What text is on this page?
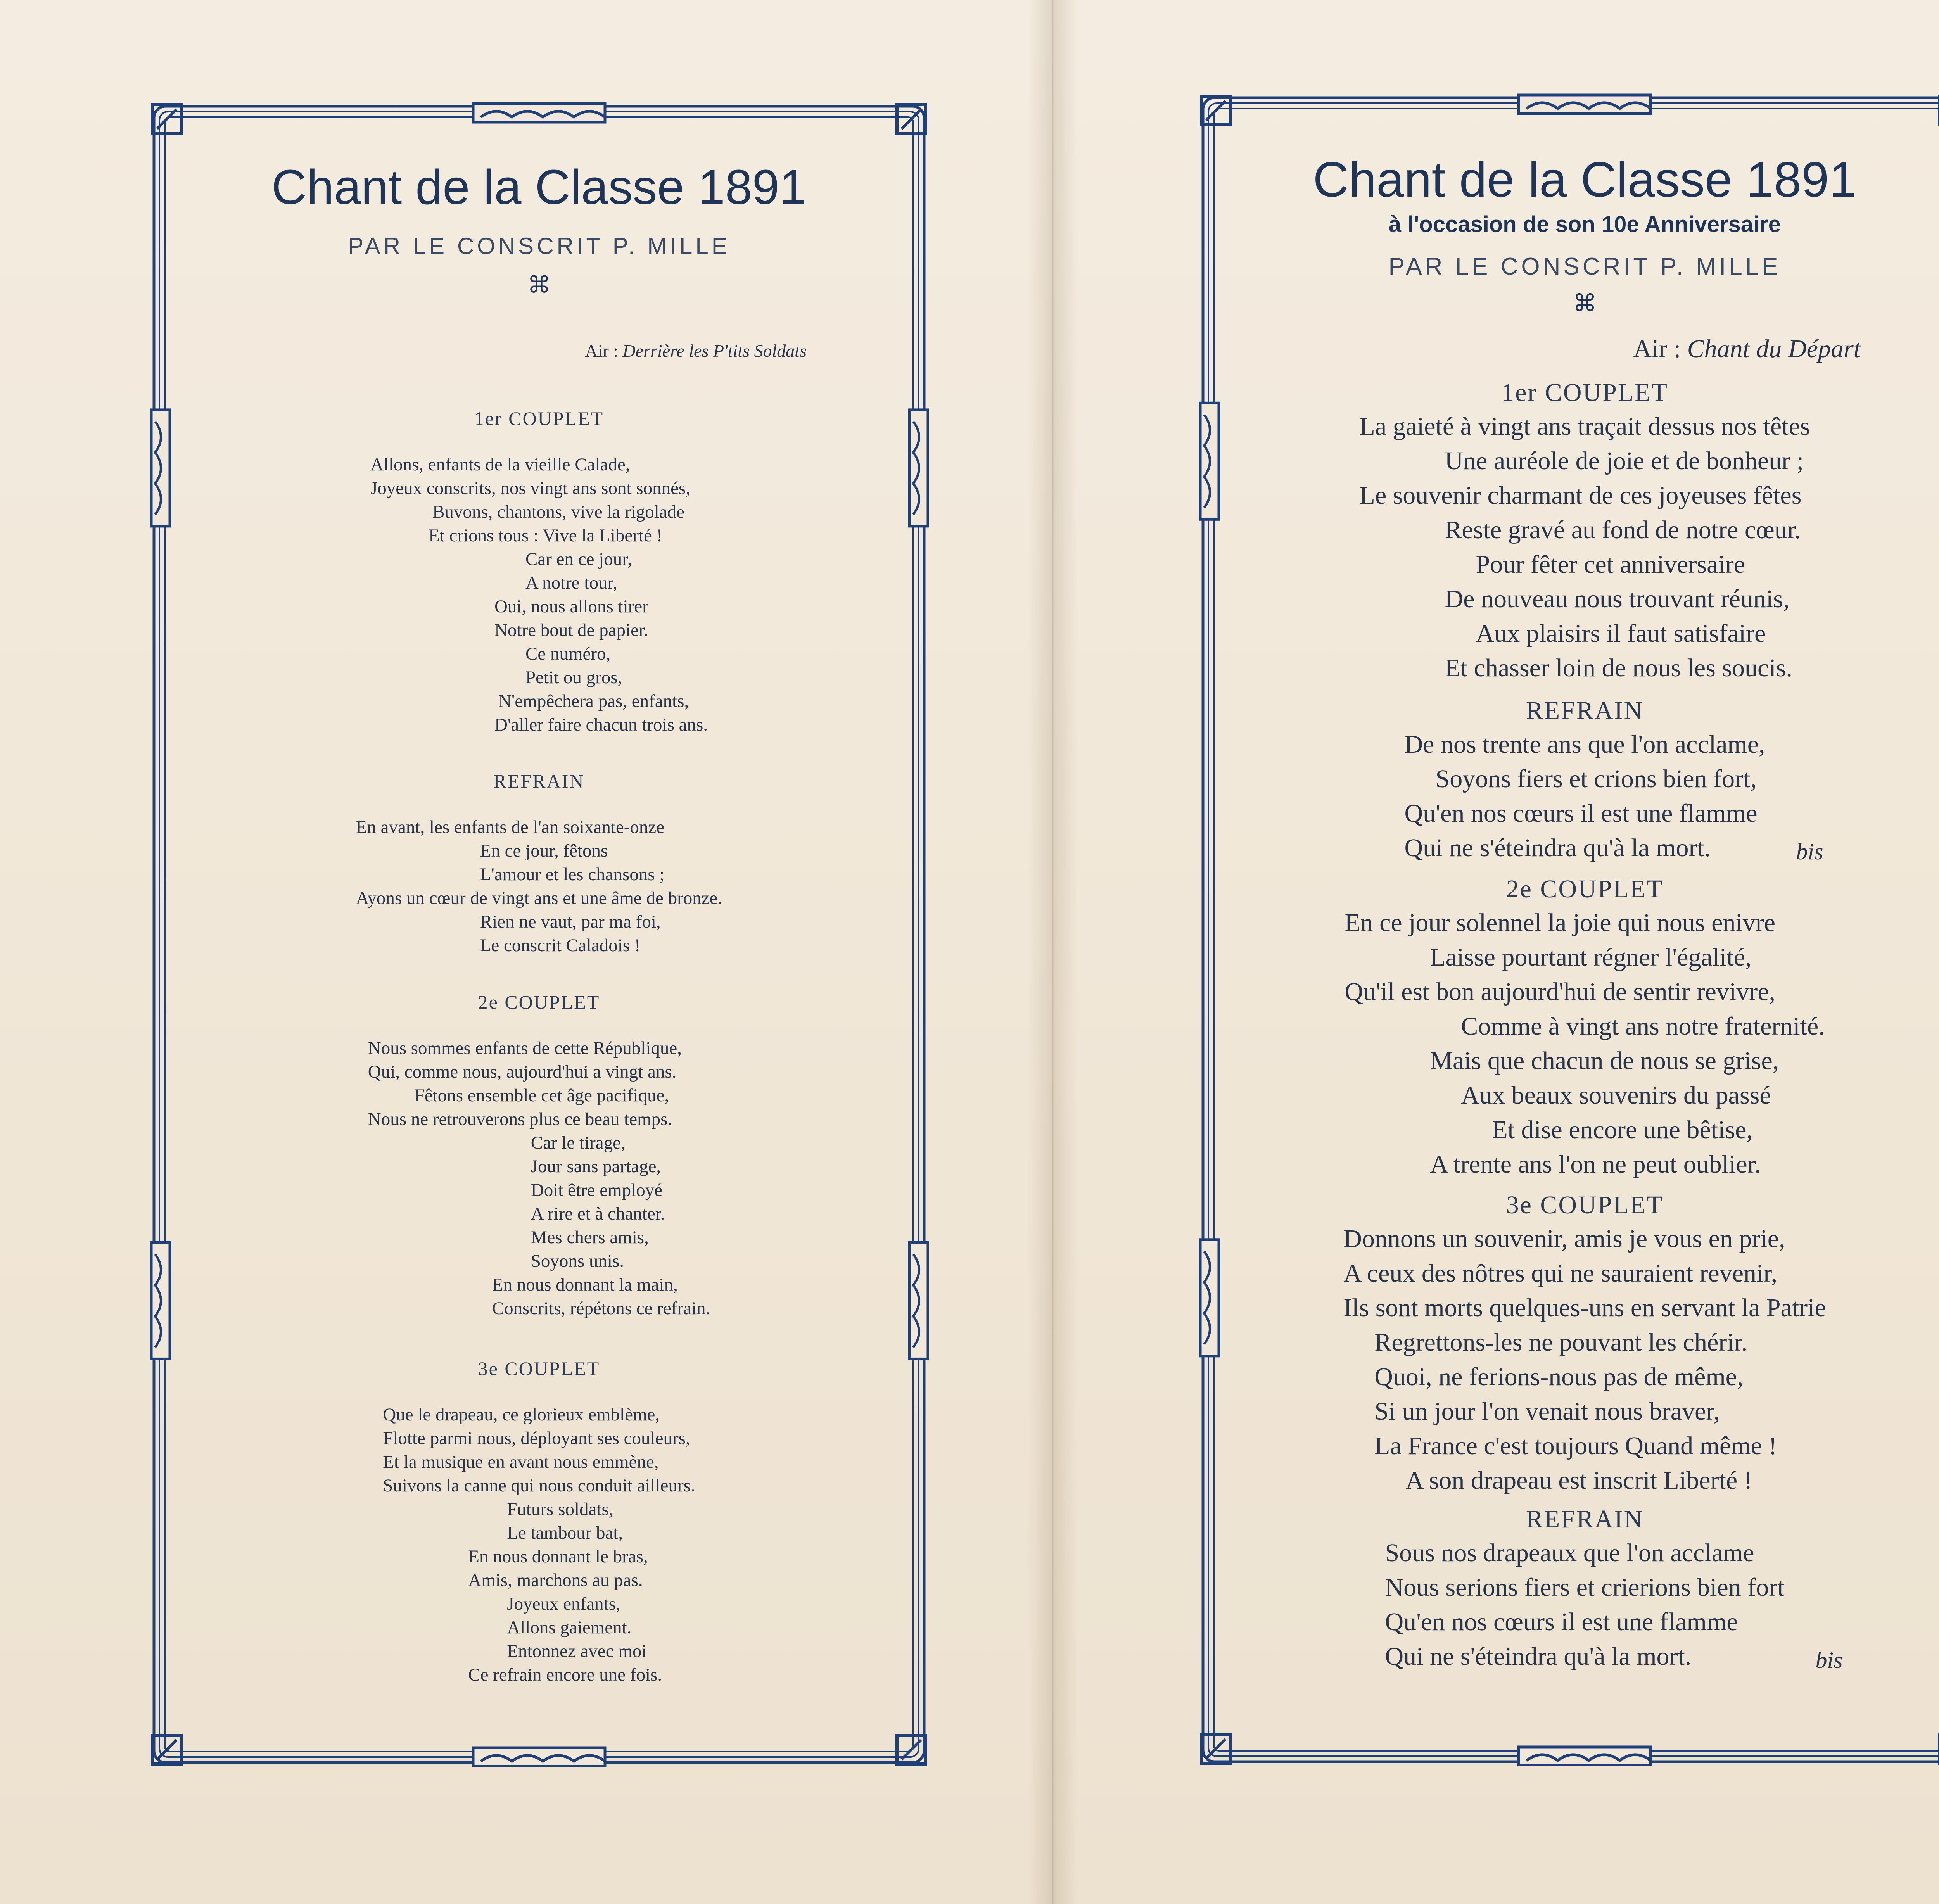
Chant de la Classe 1891
PAR LE CONSCRIT P. MILLE
⌘
Air : Derrière les P'tits Soldats
1er COUPLET
Allons, enfants de la vieille Calade,
Joyeux conscrits, nos vingt ans sont sonnés,
Buvons, chantons, vive la rigolade
Et crions tous : Vive la Liberté !
Car en ce jour,
A notre tour,
Oui, nous allons tirer
Notre bout de papier.
Ce numéro,
Petit ou gros,
N'empêchera pas, enfants,
D'aller faire chacun trois ans.
REFRAIN
En avant, les enfants de l'an soixante-onze
En ce jour, fêtons
L'amour et les chansons ;
Ayons un cœur de vingt ans et une âme de bronze.
Rien ne vaut, par ma foi,
Le conscrit Caladois !
2e COUPLET
Nous sommes enfants de cette République,
Qui, comme nous, aujourd'hui a vingt ans.
Fêtons ensemble cet âge pacifique,
Nous ne retrouverons plus ce beau temps.
Car le tirage,
Jour sans partage,
Doit être employé
A rire et à chanter.
Mes chers amis,
Soyons unis.
En nous donnant la main,
Conscrits, répétons ce refrain.
3e COUPLET
Que le drapeau, ce glorieux emblème,
Flotte parmi nous, déployant ses couleurs,
Et la musique en avant nous emmène,
Suivons la canne qui nous conduit ailleurs.
Futurs soldats,
Le tambour bat,
En nous donnant le bras,
Amis, marchons au pas.
Joyeux enfants,
Allons gaiement.
Entonnez avec moi
Ce refrain encore une fois.
Chant de la Classe 1891
à l'occasion de son 10e Anniversaire
PAR LE CONSCRIT P. MILLE
⌘
Air : Chant du Départ
1er COUPLET
La gaieté à vingt ans traçait dessus nos têtes
Une auréole de joie et de bonheur ;
Le souvenir charmant de ces joyeuses fêtes
Reste gravé au fond de notre cœur.
Pour fêter cet anniversaire
De nouveau nous trouvant réunis,
Aux plaisirs il faut satisfaire
Et chasser loin de nous les soucis.
REFRAIN
De nos trente ans que l'on acclame,
Soyons fiers et crions bien fort,
Qu'en nos cœurs il est une flamme
Qui ne s'éteindra qu'à la mort.	bis
2e COUPLET
En ce jour solennel la joie qui nous enivre
Laisse pourtant régner l'égalité,
Qu'il est bon aujourd'hui de sentir revivre,
Comme à vingt ans notre fraternité.
Mais que chacun de nous se grise,
Aux beaux souvenirs du passé
Et dise encore une bêtise,
A trente ans l'on ne peut oublier.
3e COUPLET
Donnons un souvenir, amis je vous en prie,
A ceux des nôtres qui ne sauraient revenir,
Ils sont morts quelques-uns en servant la Patrie
Regrettons-les ne pouvant les chérir.
Quoi, ne ferions-nous pas de même,
Si un jour l'on venait nous braver,
La France c'est toujours Quand même !
A son drapeau est inscrit Liberté !
REFRAIN
Sous nos drapeaux que l'on acclame
Nous serions fiers et crierions bien fort
Qu'en nos cœurs il est une flamme
Qui ne s'éteindra qu'à la mort.	bis
